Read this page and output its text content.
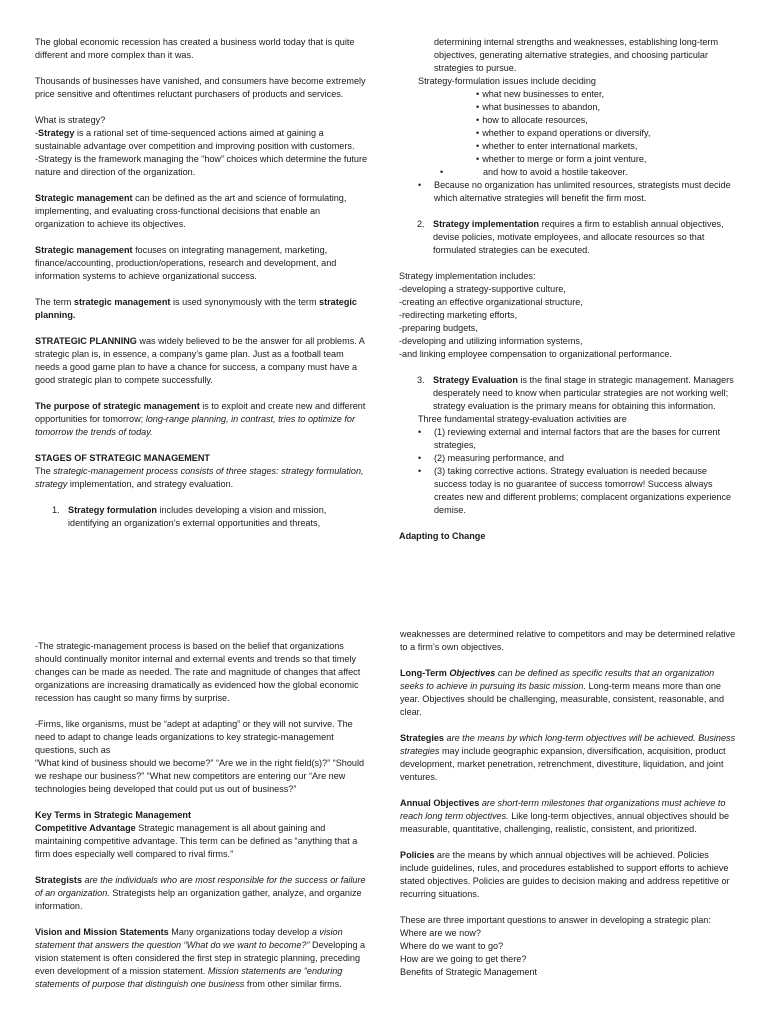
The global economic recession has created a business world today that is quite different and more complex than it was.

Thousands of businesses have vanished, and consumers have become extremely price sensitive and oftentimes reluctant purchasers of products and services.

What is strategy?
-Strategy is a rational set of time-sequenced actions aimed at gaining a sustainable advantage over competition and improving position with customers.

-Strategy is the framework managing the “how” choices which determine the future nature and direction of the organization.

Strategic management can be defined as the art and science of formulating, implementing, and evaluating cross-functional decisions that enable an organization to achieve its objectives.

Strategic management focuses on integrating management, marketing, finance/accounting, production/operations, research and development, and information systems to achieve organizational success.

The term strategic management is used synonymously with the term strategic planning.

STRATEGIC PLANNING was widely believed to be the answer for all problems. A strategic plan is, in essence, a company’s game plan. Just as a football team needs a good game plan to have a chance for success, a company must have a good strategic plan to compete successfully.

The purpose of strategic management is to exploit and create new and different opportunities for tomorrow; long-range planning, in contrast, tries to optimize for tomorrow the trends of today.

STAGES OF STRATEGIC MANAGEMENT

The strategic-management process consists of three stages: strategy formulation, strategy implementation, and strategy evaluation.

1. Strategy formulation includes developing a vision and mission, identifying an organization’s external opportunities and threats,
determining internal strengths and weaknesses, establishing long-term objectives, generating alternative strategies, and choosing particular strategies to pursue.
Strategy-formulation issues include deciding
• what new businesses to enter,
• what businesses to abandon,
• how to allocate resources,
• whether to expand operations or diversify,
• whether to enter international markets,
• whether to merge or form a joint venture,
•	and how to avoid a hostile takeover.
•	Because no organization has unlimited resources, strategists must decide which alternative strategies will benefit the firm most.
2. Strategy implementation requires a firm to establish annual objectives, devise policies, motivate employees, and allocate resources so that formulated strategies can be executed.
Strategy implementation includes:
-developing a strategy-supportive culture,
-creating an effective organizational structure,
-redirecting marketing efforts,
-preparing budgets,
-developing and utilizing information systems,

-and linking employee compensation to organizational performance.

3. Strategy Evaluation is the final stage in strategic management. Managers desperately need to know when particular strategies are not working well; strategy evaluation is the primary means for obtaining this information.
Three fundamental strategy-evaluation activities are
•	(1) reviewing external and internal factors that are the bases for current strategies,
•	(2) measuring performance, and
•	(3) taking corrective actions. Strategy evaluation is needed because success today is no guarantee of success tomorrow! Success always creates new and different problems; complacent organizations experience demise.
Adapting to Change

-The strategic-management process is based on the belief that organizations should continually monitor internal and external events and trends so that timely changes can be made as needed. The rate and magnitude of changes that affect organizations are increasing dramatically as evidenced how the global economic recession has caught so many firms by surprise.

-Firms, like organisms, must be “adept at adapting” or they will not survive. The need to adapt to change leads organizations to key strategic-management questions, such as

“What kind of business should we become?” “Are we in the right field(s)?” “Should we reshape our business?” “What new competitors are entering our “Are new technologies being developed that could put us out of business?”

Key Terms in Strategic Management

Competitive Advantage Strategic management is all about gaining and maintaining competitive advantage. This term can be defined as “anything that a firm does especially well compared to rival firms.”

Strategists are the individuals who are most responsible for the success or failure of an organization. Strategists help an organization gather, analyze, and organize information.

Vision and Mission Statements Many organizations today develop a vision statement that answers the question “What do we want to become?” Developing a vision statement is often considered the first step in strategic planning, preceding even development of a mission statement. Mission statements are “enduring statements of purpose that distinguish one business from other similar firms.

weaknesses are determined relative to competitors and may be determined relative to a firm’s own objectives.

Long-Term Objectives can be defined as specific results that an organization seeks to achieve in pursuing its basic mission. Long-term means more than one year. Objectives should be challenging, measurable, consistent, reasonable, and clear.

Strategies are the means by which long-term objectives will be achieved. Business strategies may include geographic expansion, diversification, acquisition, product development, market penetration, retrenchment, divestiture, liquidation, and joint ventures.

Annual Objectives are short-term milestones that organizations must achieve to reach long term objectives. Like long-term objectives, annual objectives should be measurable, quantitative, challenging, realistic, consistent, and prioritized.

Policies are the means by which annual objectives will be achieved. Policies include guidelines, rules, and procedures established to support efforts to achieve stated objectives. Policies are guides to decision making and address repetitive or recurring situations.

These are three important questions to answer in developing a strategic plan:
Where are we now?
Where do we want to go?
How are we going to get there?
Benefits of Strategic Management
